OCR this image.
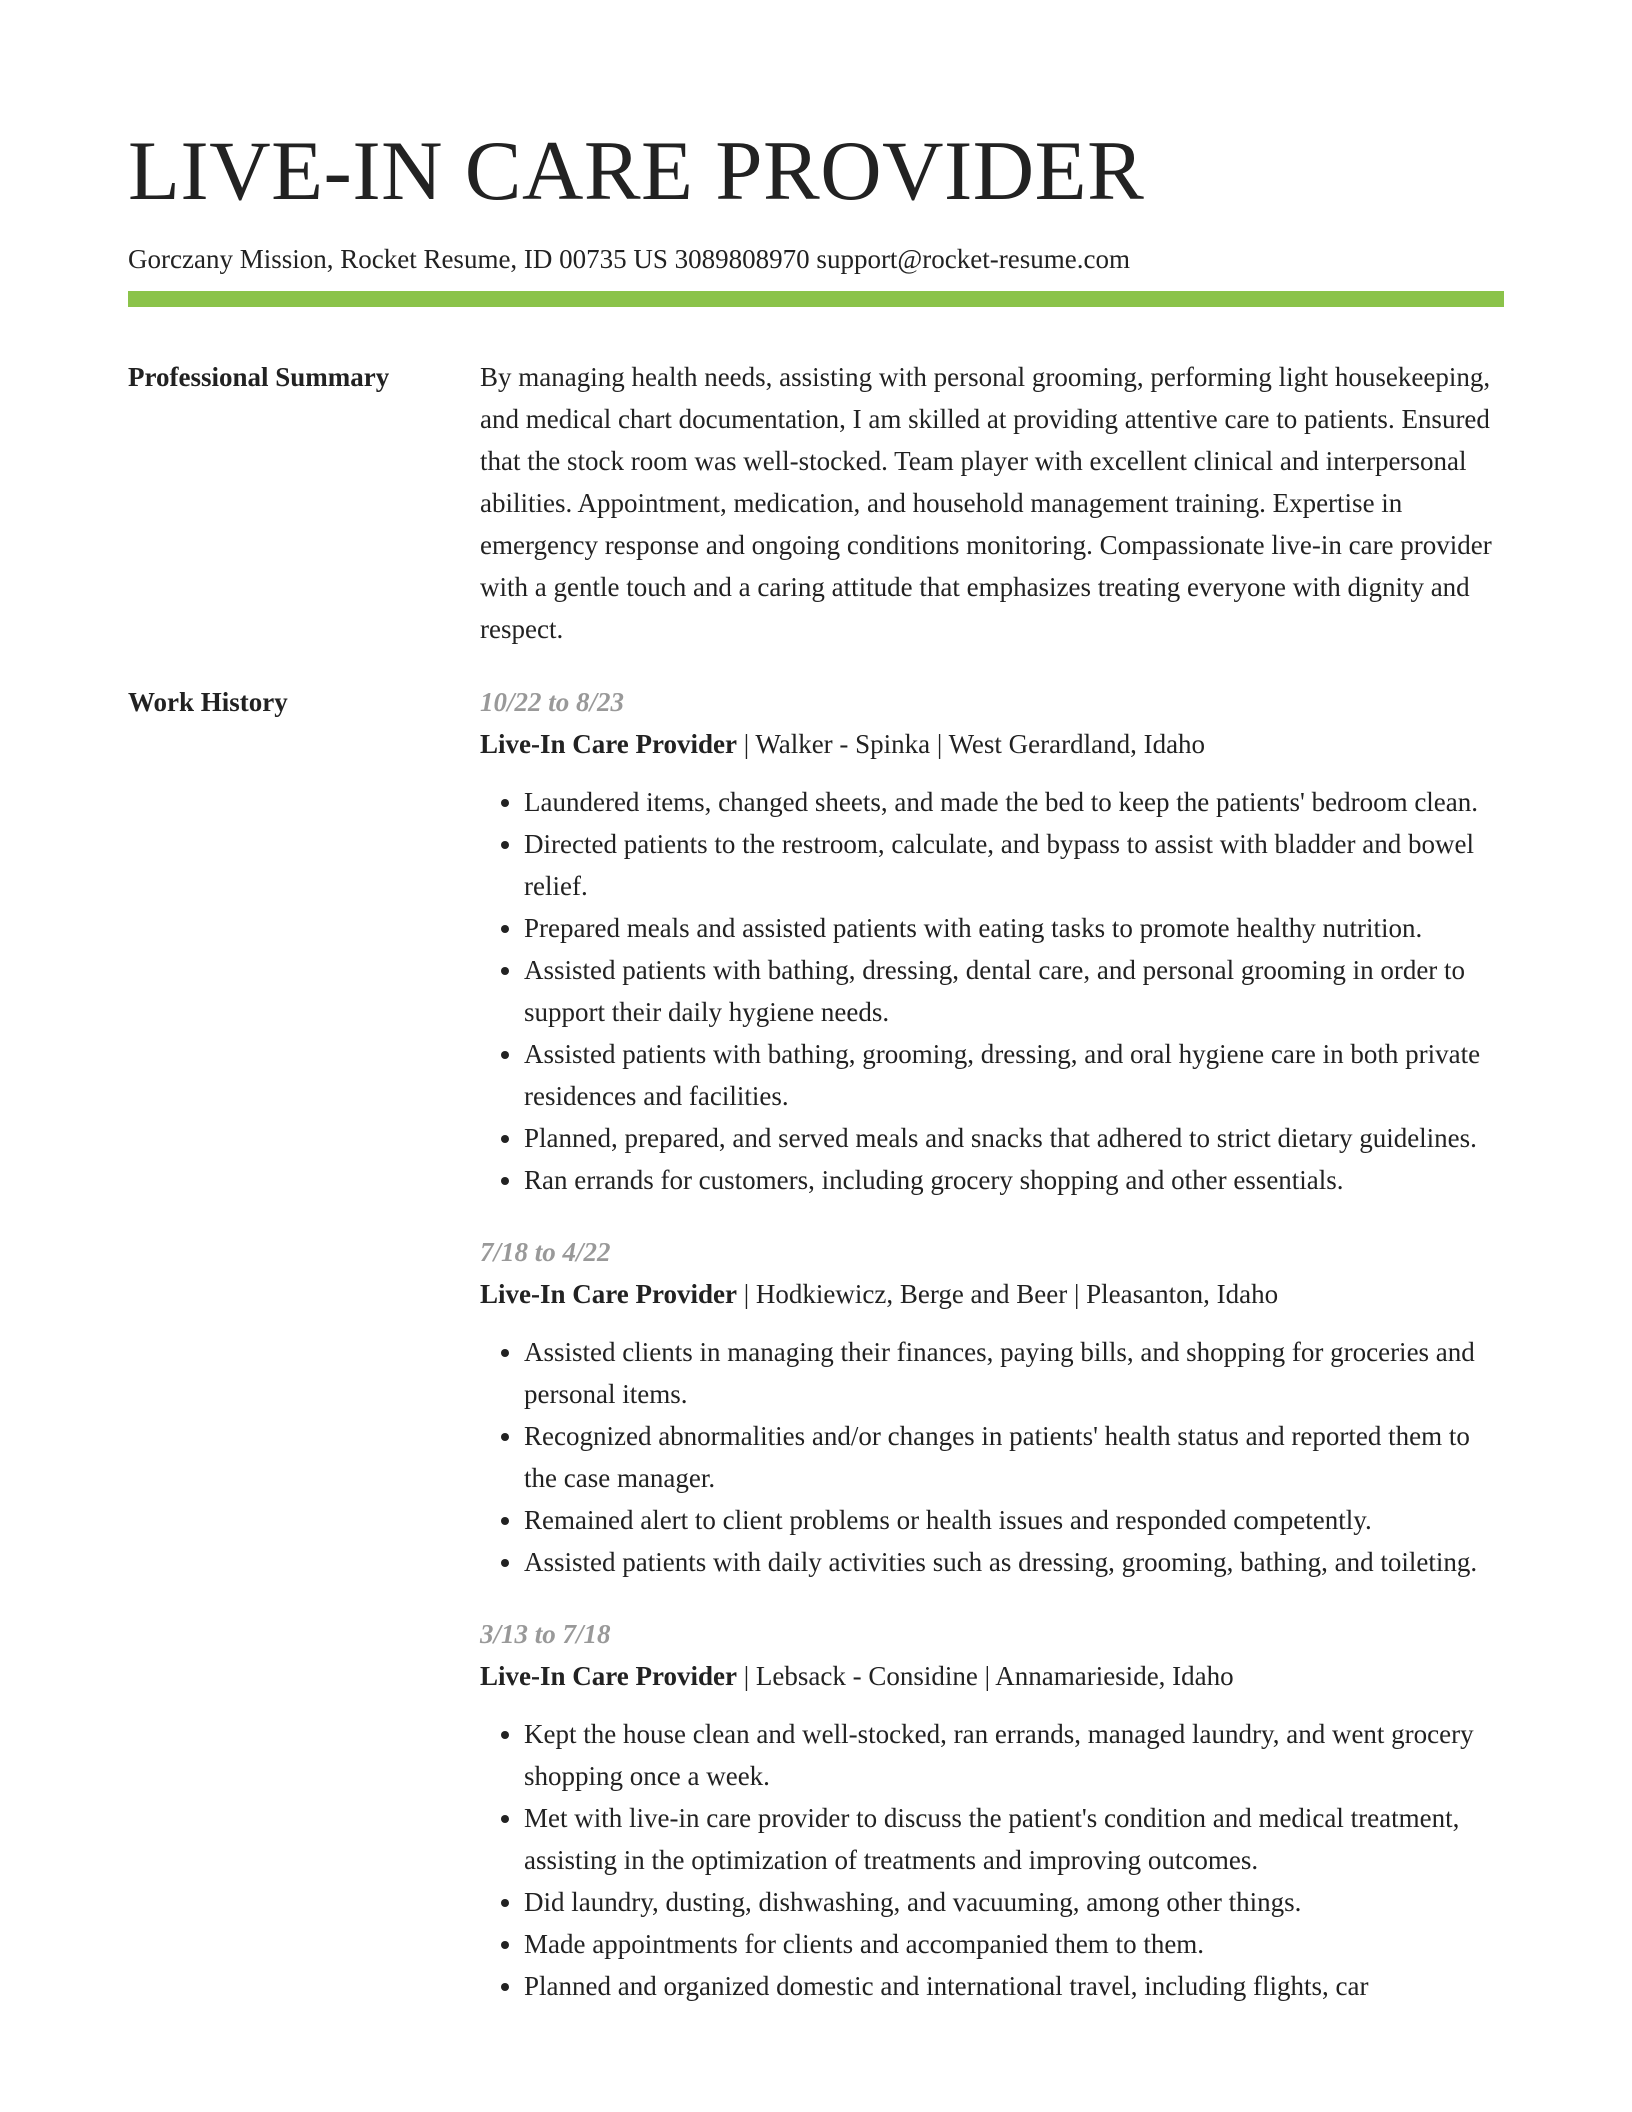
LIVE-IN CARE PROVIDER
Gorczany Mission, Rocket Resume, ID 00735 US 3089808970 support@rocket-resume.com
Professional Summary	By managing health needs, assisting with personal grooming, performing light housekeeping, and medical chart documentation, I am skilled at providing attentive care to patients. Ensured that the stock room was well-stocked. Team player with excellent clinical and interpersonal abilities. Appointment, medication, and household management training. Expertise in emergency response and ongoing conditions monitoring. Compassionate live-in care provider with a gentle touch and a caring attitude that emphasizes treating everyone with dignity and respect.

Work History	10/22 to 8/23
Live-In Care Provider | Walker - Spinka | West Gerardland, Idaho
• Laundered items, changed sheets, and made the bed to keep the patients' bedroom clean.
• Directed patients to the restroom, calculate, and bypass to assist with bladder and bowel relief.
• Prepared meals and assisted patients with eating tasks to promote healthy nutrition.
• Assisted patients with bathing, dressing, dental care, and personal grooming in order to support their daily hygiene needs.
• Assisted patients with bathing, grooming, dressing, and oral hygiene care in both private residences and facilities.
• Planned, prepared, and served meals and snacks that adhered to strict dietary guidelines.
• Ran errands for customers, including grocery shopping and other essentials.
7/18 to 4/22
Live-In Care Provider | Hodkiewicz, Berge and Beer | Pleasanton, Idaho
• Assisted clients in managing their finances, paying bills, and shopping for groceries and personal items.
• Recognized abnormalities and/or changes in patients' health status and reported them to the case manager.
• Remained alert to client problems or health issues and responded competently.
• Assisted patients with daily activities such as dressing, grooming, bathing, and toileting.
3/13 to 7/18
Live-In Care Provider | Lebsack - Considine | Annamarieside, Idaho
• Kept the house clean and well-stocked, ran errands, managed laundry, and went grocery shopping once a week.
• Met with live-in care provider to discuss the patient's condition and medical treatment, assisting in the optimization of treatments and improving outcomes.
• Did laundry, dusting, dishwashing, and vacuuming, among other things.
• Made appointments for clients and accompanied them to them.
• Planned and organized domestic and international travel, including flights, car
